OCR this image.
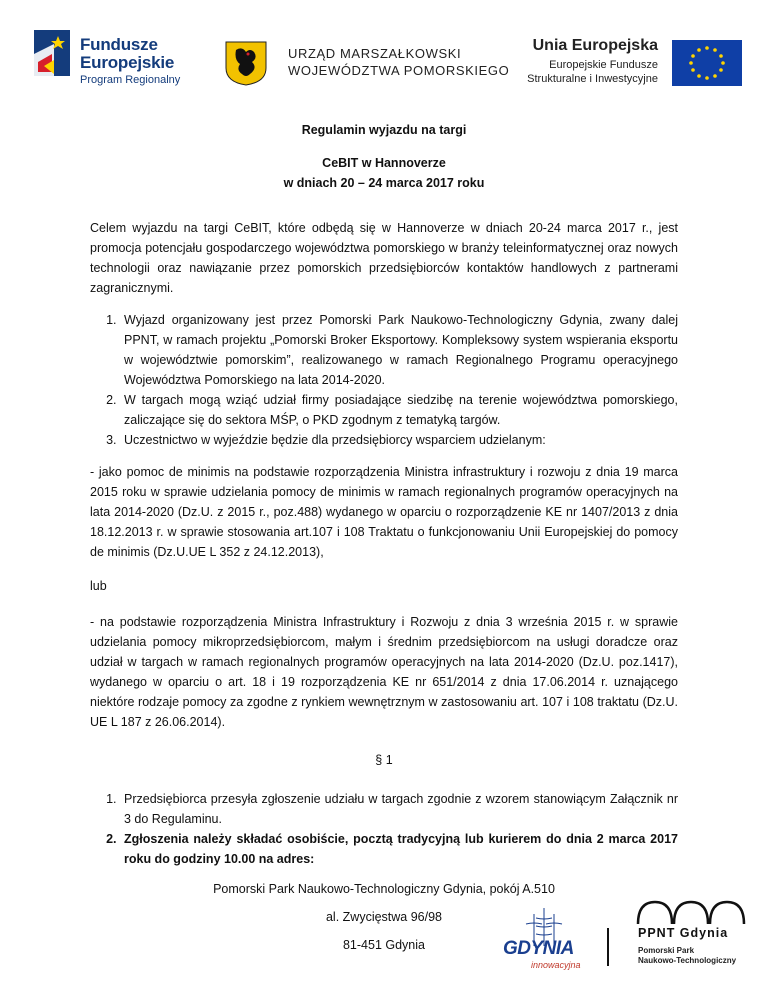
Fundusze
Europejskie
Program Regionalny
URZĄD MARSZAŁKOWSKI
WOJEWÓDZTWA POMORSKIEGO
Unia Europejska
Europejskie Fundusze
Strukturalne i Inwestycyjne
Regulamin wyjazdu na targi
CeBIT w Hannoverze
w dniach 20 – 24 marca 2017 roku

Celem wyjazdu na targi CeBIT, które odbędą się w Hannoverze w dniach 20-24 marca 2017 r., jest promocja potencjału gospodarczego województwa pomorskiego w branży teleinformatycznej oraz nowych technologii oraz nawiązanie przez pomorskich przedsiębiorców kontaktów handlowych z partnerami zagranicznymi.

1. Wyjazd organizowany jest przez Pomorski Park Naukowo-Technologiczny Gdynia, zwany dalej PPNT, w ramach projektu „Pomorski Broker Eksportowy. Kompleksowy system wspierania eksportu w województwie pomorskim”, realizowanego w ramach Regionalnego Programu operacyjnego Województwa Pomorskiego na lata 2014-2020.
2. W targach mogą wziąć udział firmy posiadające siedzibę na terenie województwa pomorskiego, zaliczające się do sektora MŚP, o PKD zgodnym z tematyką targów.
3. Uczestnictwo w wyjeździe będzie dla przedsiębiorcy wsparciem udzielanym:

- jako pomoc de minimis na podstawie rozporządzenia Ministra infrastruktury i rozwoju z dnia 19 marca 2015 roku w sprawie udzielania pomocy de minimis w ramach regionalnych programów operacyjnych na lata 2014-2020 (Dz.U. z 2015 r., poz.488) wydanego w oparciu o rozporządzenie KE nr 1407/2013 z dnia 18.12.2013 r. w sprawie stosowania art.107 i 108 Traktatu o funkcjonowaniu Unii Europejskiej do pomocy de minimis (Dz.U.UE L 352 z 24.12.2013),

lub

- na podstawie rozporządzenia Ministra Infrastruktury i Rozwoju z dnia 3 września 2015 r. w sprawie udzielania pomocy mikroprzedsiębiorcom, małym i średnim przedsiębiorcom na usługi doradcze oraz udział w targach w ramach regionalnych programów operacyjnych na lata 2014-2020 (Dz.U. poz.1417), wydanego w oparciu o art. 18 i 19 rozporządzenia KE nr 651/2014 z dnia 17.06.2014 r. uznającego niektóre rodzaje pomocy za zgodne z rynkiem wewnętrznym w zastosowaniu art. 107 i 108 traktatu (Dz.U. UE L 187 z 26.06.2014).

§ 1
1. Przedsiębiorca przesyła zgłoszenie udziału w targach zgodnie z wzorem stanowiącym Załącznik nr 3 do Regulaminu.
2. Zgłoszenia należy składać osobiście, pocztą tradycyjną lub kurierem do dnia 2 marca 2017 roku do godziny 10.00 na adres:
Pomorski Park Naukowo-Technologiczny Gdynia, pokój A.510
al. Zwycięstwa 96/98
81-451 Gdynia	GDYNIA
innowacyjna
PPNT Gdynia
Pomorski Park
Naukowo-Technologiczny
